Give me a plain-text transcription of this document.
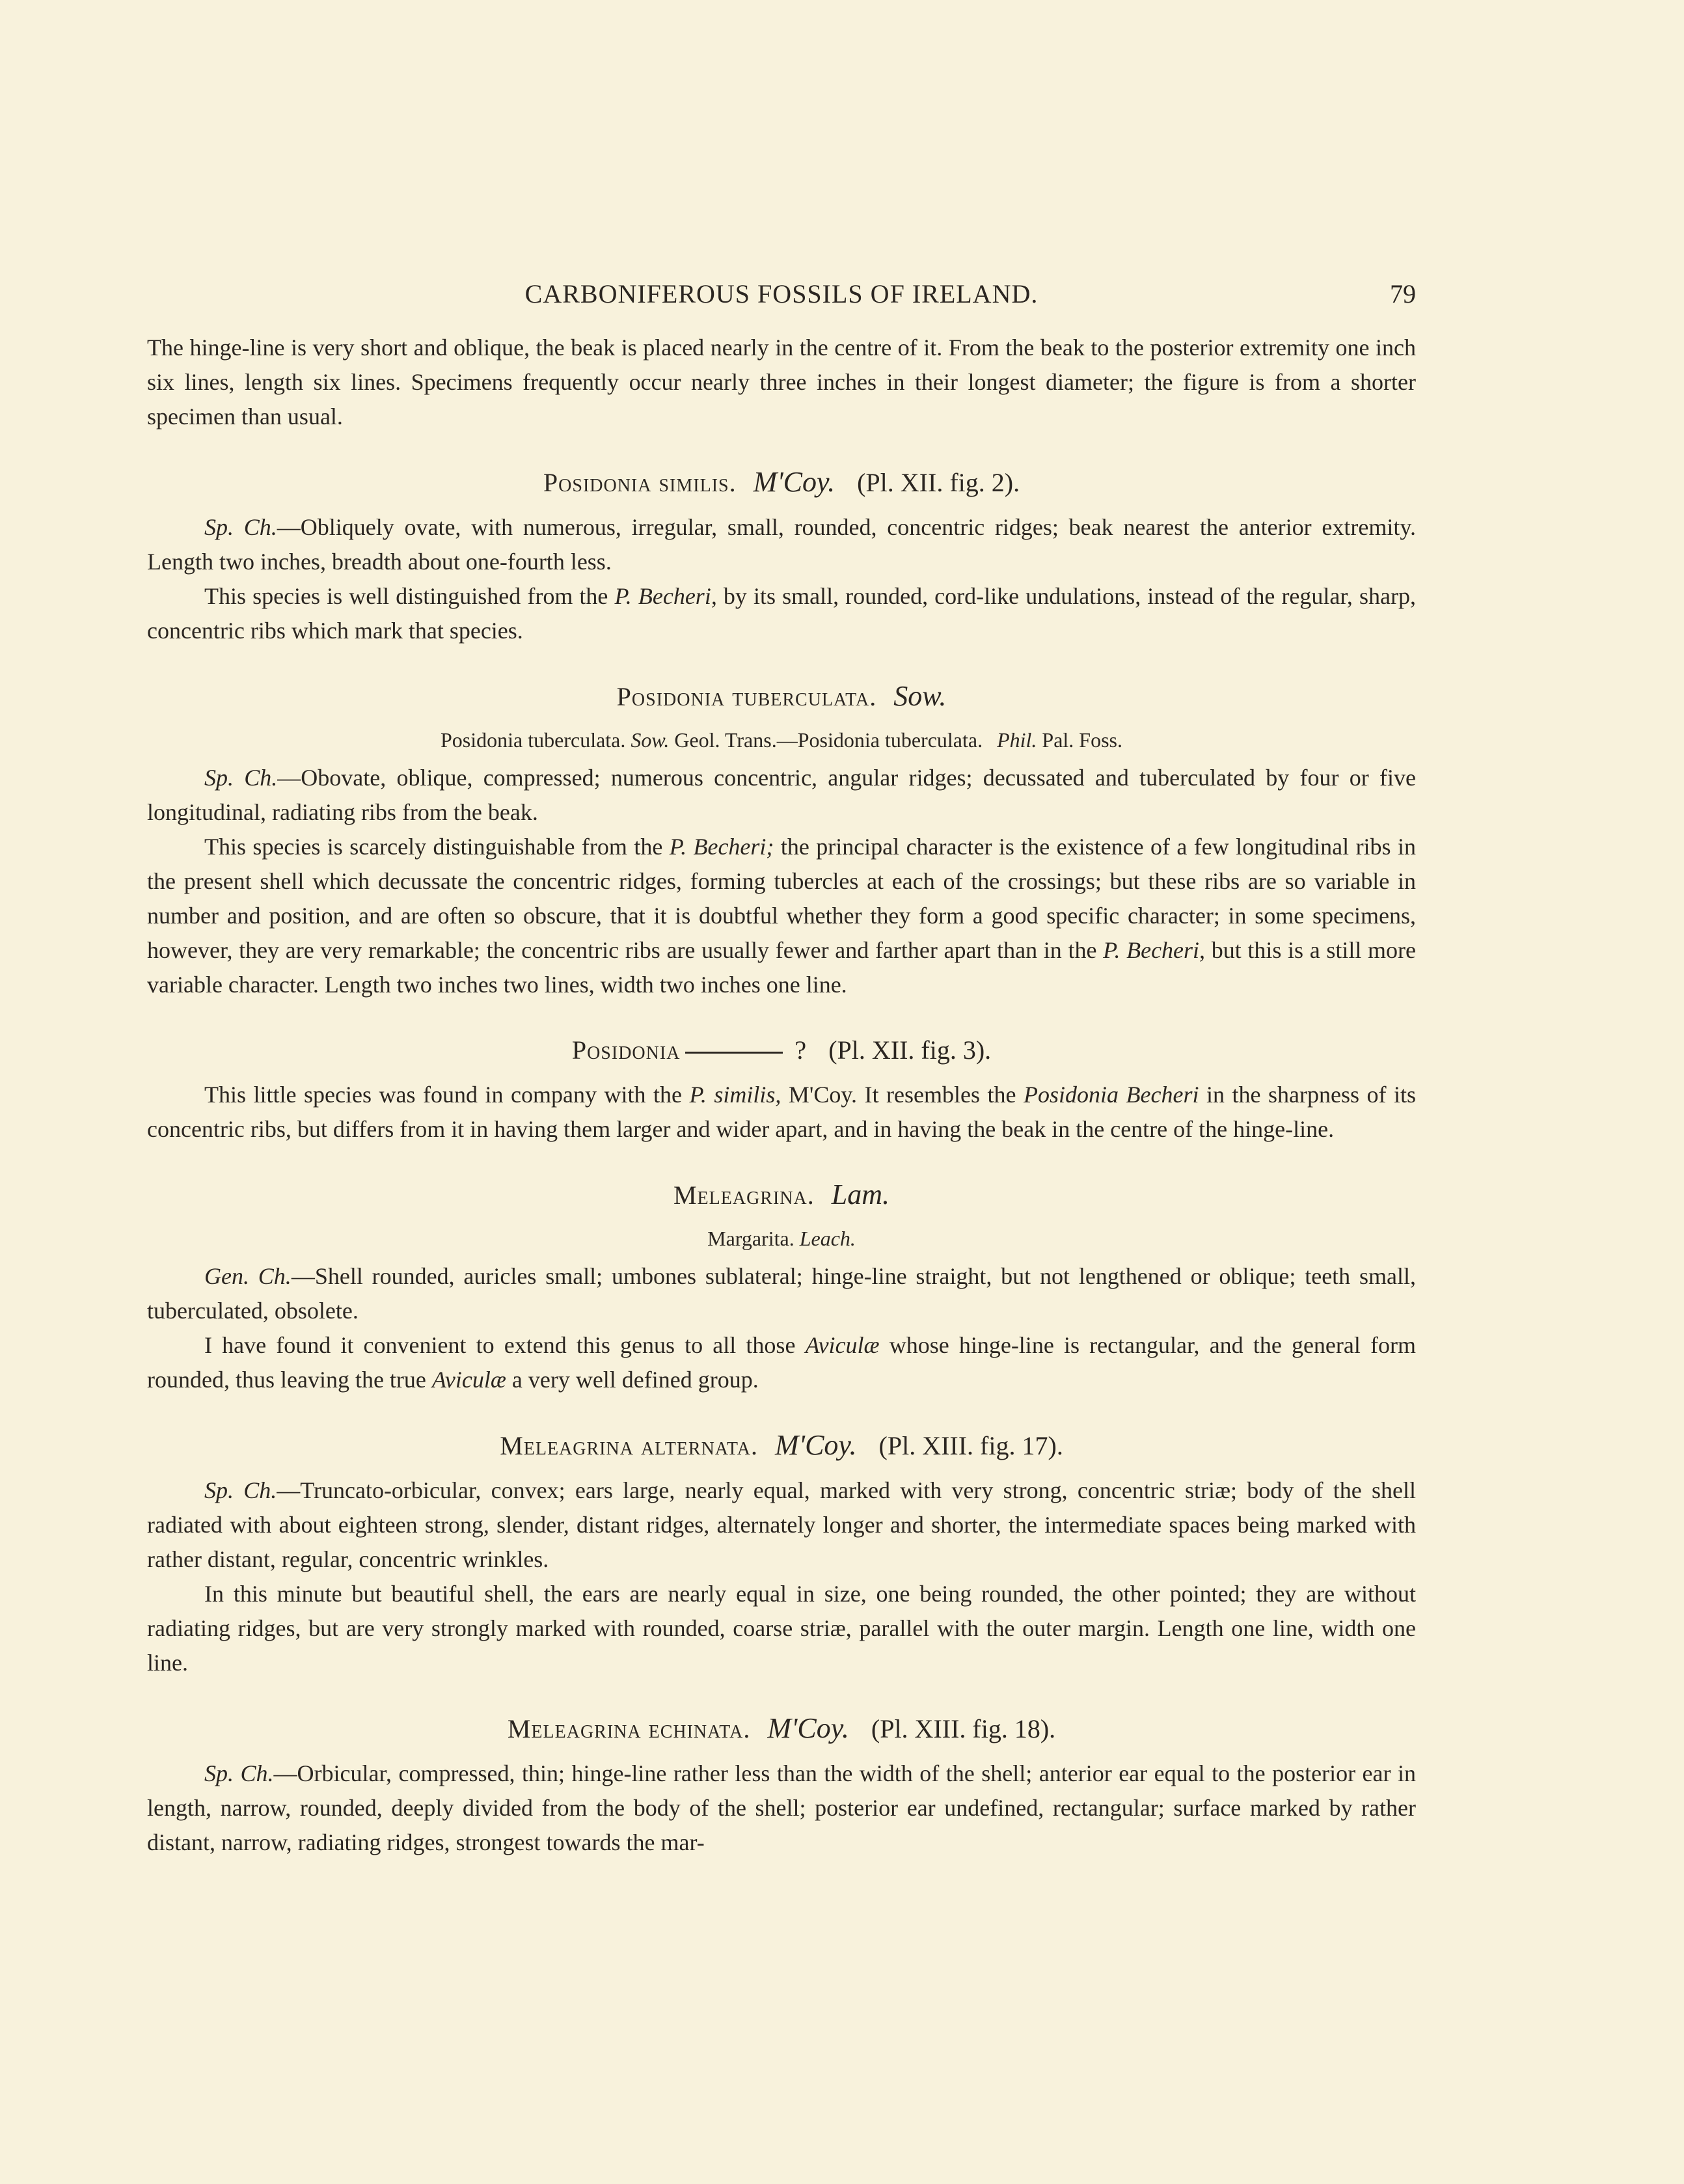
CARBONIFEROUS FOSSILS OF IRELAND.	79

The hinge-line is very short and oblique, the beak is placed nearly in the centre of it. From the beak to the posterior extremity one inch six lines, length six lines. Specimens frequently occur nearly three inches in their longest diameter; the figure is from a shorter specimen than usual.

Posidonia similis. M'Coy. (Pl. XII. fig. 2).

Sp. Ch.—Obliquely ovate, with numerous, irregular, small, rounded, concentric ridges; beak nearest the anterior extremity. Length two inches, breadth about one-fourth less.

This species is well distinguished from the P. Becheri, by its small, rounded, cord-like undulations, instead of the regular, sharp, concentric ribs which mark that species.

Posidonia tuberculata. Sow.
Posidonia tuberculata. Sow. Geol. Trans.—Posidonia tuberculata. Phil. Pal. Foss.

Sp. Ch.—Obovate, oblique, compressed; numerous concentric, angular ridges; decussated and tuberculated by four or five longitudinal, radiating ribs from the beak.

This species is scarcely distinguishable from the P. Becheri; the principal character is the existence of a few longitudinal ribs in the present shell which decussate the concentric ridges, forming tubercles at each of the crossings; but these ribs are so variable in number and position, and are often so obscure, that it is doubtful whether they form a good specific character; in some specimens, however, they are very remarkable; the concentric ribs are usually fewer and farther apart than in the P. Becheri, but this is a still more variable character. Length two inches two lines, width two inches one line.

Posidonia	? (Pl. XII. fig. 3).

This little species was found in company with the P. similis, M'Coy. It resembles the Posidonia Becheri in the sharpness of its concentric ribs, but differs from it in having them larger and wider apart, and in having the beak in the centre of the hinge-line.

Meleagrina. Lam.
Margarita. Leach.

Gen. Ch.—Shell rounded, auricles small; umbones sublateral; hinge-line straight, but not lengthened or oblique; teeth small, tuberculated, obsolete.

I have found it convenient to extend this genus to all those Aviculæ whose hinge-line is rectangular, and the general form rounded, thus leaving the true Aviculæ a very well defined group.

Meleagrina alternata. M'Coy. (Pl. XIII. fig. 17).

Sp. Ch.—Truncato-orbicular, convex; ears large, nearly equal, marked with very strong, concentric striæ; body of the shell radiated with about eighteen strong, slender, distant ridges, alternately longer and shorter, the intermediate spaces being marked with rather distant, regular, concentric wrinkles.

In this minute but beautiful shell, the ears are nearly equal in size, one being rounded, the other pointed; they are without radiating ridges, but are very strongly marked with rounded, coarse striæ, parallel with the outer margin. Length one line, width one line.

Meleagrina echinata. M'Coy. (Pl. XIII. fig. 18).

Sp. Ch.—Orbicular, compressed, thin; hinge-line rather less than the width of the shell; anterior ear equal to the posterior ear in length, narrow, rounded, deeply divided from the body of the shell; posterior ear undefined, rectangular; surface marked by rather distant, narrow, radiating ridges, strongest towards the mar-
